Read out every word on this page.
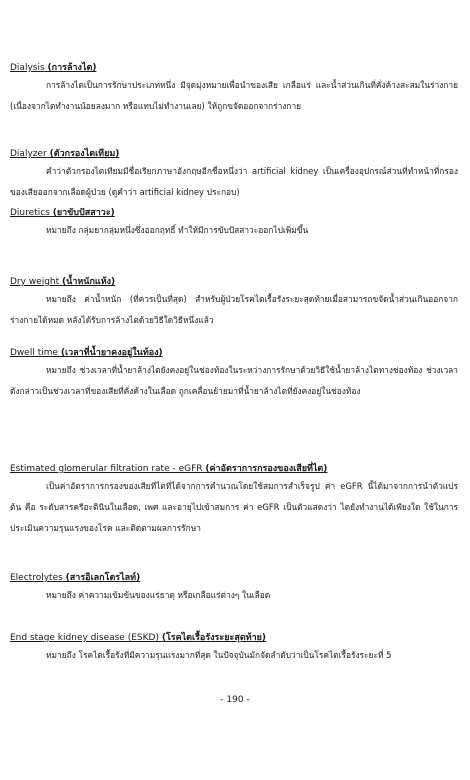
Dialysis (การล้างไต)

การล้างไตเป็นการรักษาประเภทหนึ่ง มีจุดมุ่งหมายเพื่อนำของเสีย เกลือแร่ และน้ำส่วนเกินที่คั่งค้างสะสมในร่างกาย (เนื่องจากไตทำงานน้อยลงมาก หรือแทบไม่ทำงานเลย) ให้ถูกขจัดออกจากร่างกาย

Dialyzer (ตัวกรองไตเทียม)

คำว่าตัวกรองไตเทียมมีชื่อเรียกภาษาอังกฤษอีกชื่อหนึ่งว่า artificial kidney เป็นเครื่องอุปกรณ์ส่วนที่ทำหน้าที่กรองของเสียออกจากเลือดผู้ป่วย (ดูคำว่า artificial kidney ประกอบ)

Diuretics (ยาขับปัสสาวะ)

หมายถึง กลุ่มยากลุ่มหนึ่งซึ่งออกฤทธิ์ ทำให้มีการขับปัสสาวะออกไปเพิ่มขึ้น

Dry weight (น้ำหนักแห้ง)

หมายถึง ค่าน้ำหนัก (ที่ควรเป็นที่สุด) สำหรับผู้ป่วยโรคไตเรื้อรังระยะสุดท้ายเมื่อสามารถขจัดน้ำส่วนเกินออกจากร่างกายได้หมด หลังได้รับการล้างไตด้วยวิธีใดวิธีหนึ่งแล้ว

Dwell time (เวลาที่น้ำยาคงอยู่ในท้อง)

หมายถึง ช่วงเวลาที่น้ำยาล้างไตยังคงอยู่ในช่องท้องในระหว่างการรักษาด้วยวิธีใช้น้ำยาล้างไตทางช่องท้อง ช่วงเวลาดังกล่าวเป็นช่วงเวลาที่ของเสียที่คั่งค้างในเลือด ถูกเคลื่อนย้ายมาที่น้ำยาล้างไตที่ยังคงอยู่ในช่องท้อง

Estimated glomerular filtration rate - eGFR (ค่าอัตราการกรองของเสียที่ไต)

เป็นค่าอัตราการกรองของเสียที่ไตที่ได้จากการคำนวณโดยใช้สมการสำเร็จรูป ค่า eGFR นี้ได้มาจากการนำตัวแปรต้น คือ ระดับสารครีอะตินีนในเลือด, เพศ และอายุไปเข้าสมการ ค่า eGFR เป็นตัวแสดงว่า ไตยังทำงานได้เพียงใด ใช้ในการประเมินความรุนแรงของโรค และติดตามผลการรักษา

Electrolytes (สารอิเลกโตรไลท์)

หมายถึง ค่าความเข้มข้นของแร่ธาตุ หรือเกลือแร่ต่างๆ ในเลือด

End stage kidney disease (ESKD) (โรคไตเรื้อรังระยะสุดท้าย)

หมายถึง โรคไตเรื้อรังที่มีความรุนแรงมากที่สุด ในปัจจุบันมักจัดลำดับว่าเป็นโรคไตเรื้อรังระยะที่ 5

- 190 -
